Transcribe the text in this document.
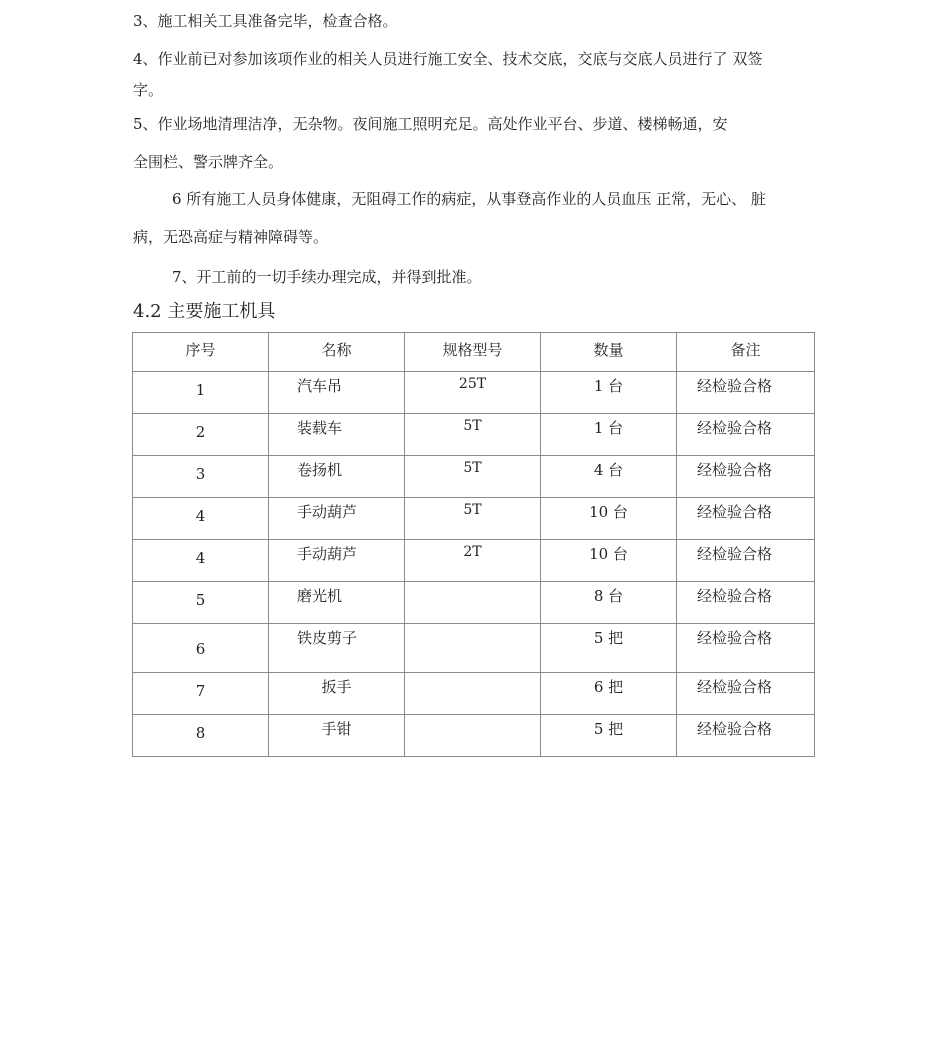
3、施工相关工具准备完毕，检查合格。
4、作业前已对参加该项作业的相关人员进行施工安全、技术交底，交底与交底人员进行了 双签
字。
5、作业场地清理洁净，无杂物。夜间施工照明充足。高处作业平台、步道、楼梯畅通，安
全围栏、警示牌齐全。
6 所有施工人员身体健康，无阻碍工作的病症，从事登高作业的人员血压 正常，无心、 脏
病，无恐高症与精神障碍等。
7、开工前的一切手续办理完成，并得到批准。
4.2 主要施工机具
序号	名称	规格型号	数量	备注
1	汽车吊	25T	1 台	经检验合格
2	装载车	5T	1 台	经检验合格
3	卷扬机	5T	4 台	经检验合格
4	手动葫芦	5T	10 台	经检验合格
4	手动葫芦	2T	10 台	经检验合格
5	磨光机		8 台	经检验合格
6	铁皮剪子		5 把	经检验合格
7	扳手		6 把	经检验合格
8	手钳		5 把	经检验合格
